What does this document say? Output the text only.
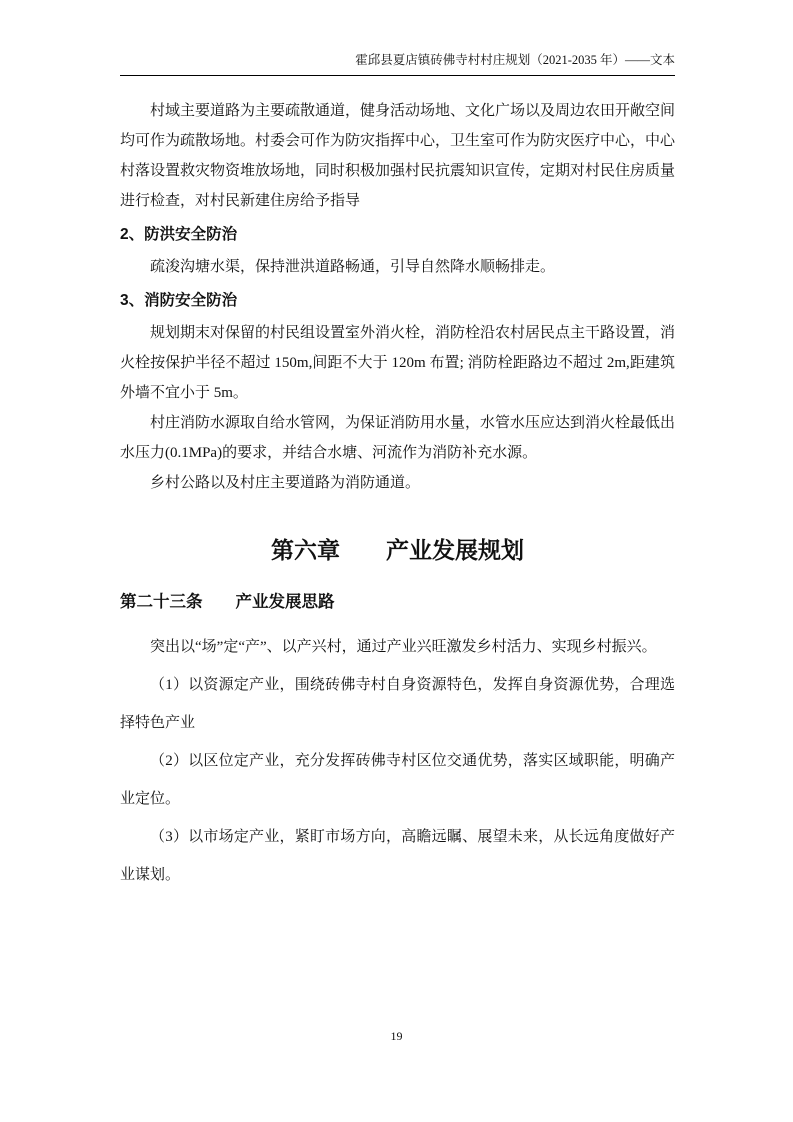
霍邱县夏店镇砖佛寺村村庄规划（2021-2035 年）——文本

村域主要道路为主要疏散通道，健身活动场地、文化广场以及周边农田开敞空间均可作为疏散场地。村委会可作为防灾指挥中心，卫生室可作为防灾医疗中心，中心村落设置救灾物资堆放场地，同时积极加强村民抗震知识宣传，定期对村民住房质量进行检查，对村民新建住房给予指导

2、防洪安全防治

疏浚沟塘水渠，保持泄洪道路畅通，引导自然降水顺畅排走。

3、消防安全防治

规划期末对保留的村民组设置室外消火栓，消防栓沿农村居民点主干路设置，消火栓按保护半径不超过 150m,间距不大于 120m 布置; 消防栓距路边不超过 2m,距建筑外墙不宜小于 5m。

村庄消防水源取自给水管网，为保证消防用水量，水管水压应达到消火栓最低出水压力(0.1MPa)的要求，并结合水塘、河流作为消防补充水源。

乡村公路以及村庄主要道路为消防通道。

第六章　　产业发展规划
第二十三条　　产业发展思路

突出以“场”定“产”、以产兴村，通过产业兴旺激发乡村活力、实现乡村振兴。

（1）以资源定产业，围绕砖佛寺村自身资源特色，发挥自身资源优势，合理选择特色产业

（2）以区位定产业，充分发挥砖佛寺村区位交通优势，落实区域职能，明确产业定位。

（3）以市场定产业，紧盯市场方向，高瞻远瞩、展望未来，从长远角度做好产业谋划。

19
